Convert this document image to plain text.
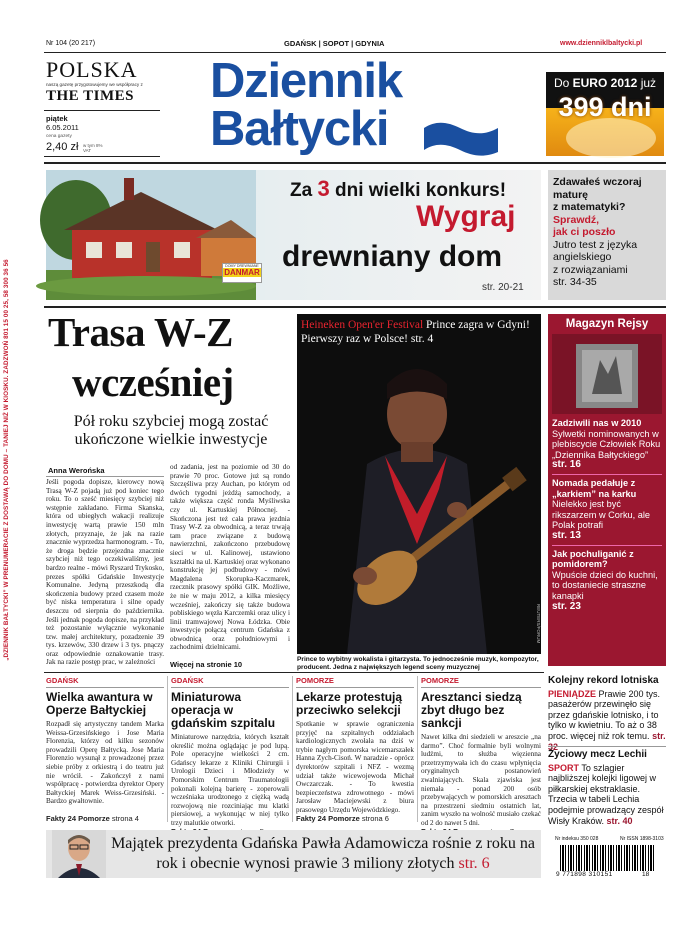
„DZIENNIK BAŁTYCKI” W PRENUMERACIE Z DOSTAWĄ DO DOMU – TANIEJ NIŻ W KIOSKU. ZADZWOŃ 801 15 00 25, 58 300 36 56
Nr 104 (20 217)	GDAŃSK | SOPOT | GDYNIA	www.dzienniklbaltycki.pl
POLSKA
naszą gazetę przygotowujemy we współpracy z
THE TIMES
piątek
6.05.2011
cena gazety
2,40 zł w tym 8% VAT
Dziennik
Bałtycki
Do EURO 2012 już
399 dni
DOMY DREWNIANE
DANMAR
Za 3 dni wielki konkurs!
Wygraj
drewniany dom
str. 20-21
Zdawałeś wczoraj
maturę
z matematyki?
Sprawdź,
jak ci poszło
Jutro test z języka
angielskiego
z rozwiązaniami
str. 34-35
Trasa W-Z
wcześniej
Pół roku szybciej mogą zostać ukończone wielkie inwestycje
Anna Werońska
Jeśli pogoda dopisze, kierowcy nową Trasą W-Z pojadą już pod koniec tego roku. To o sześć miesięcy szybciej niż wstępnie zakładano. Firma Skanska, która od ubiegłych wakacji realizuje inwestycję wartą prawie 150 mln złotych, przyznaje, że jak na razie znacznie wyprzedza harmonogram. - To, że droga będzie przejezdna znacznie szybciej niż tego oczekiwaliśmy, jest bardzo realne - mówi Ryszard Trykosko, prezes spółki Gdańskie Inwestycje Komunalne. Jedyną przeszkodą dla skończenia budowy przed czasem może być niska temperatura i silne opady deszczu od sierpnia do października. Jeśli jednak pogoda dopisze, na przykład też pozostanie wyłącznie wykonanie tzw. małej architektury, pozadzenie 39 tys. krzewów, 330 drzew i 3 tys. pnączy oraz odpowiednie oznakowanie trasy. Jak na razie postęp prac, w zależności
od zadania, jest na poziomie od 30 do prawie 70 proc. Gotowe już są rondo Szczęśliwa przy Auchan, po którym od dwóch tygodni jeżdżą samochody, a także większa część ronda Myśliwska czy ul. Kartuskiej Północnej. - Skończona jest też cała prawa jezdnia Trasy W-Z za obwodnicą, a teraz trwają tam prace związane z budową nawierzchni, zakończono przebudowę sieci w ul. Kalinowej, ustawiono kształtki na ul. Kartuskiej oraz wykonano konstrukcję jej podbudowy - mówi Magdalena Skorupka-Kaczmarek, rzecznik prasowy spółki GIK. Możliwe, że nie w maju 2012, a kilka miesięcy wcześniej, zakończy się także budowa pobliskiego węzła Karczemki oraz ulicy i linii tramwajowej Nowa Łódzka. Obie inwestycje połączą centrum Gdańska z obwodnicą oraz południowymi i zachodnimi dzielnicami.
Więcej na stronie 10
Heineken Open'er Festival Prince zagra w Gdyni! Pierwszy raz w Polsce! str. 4
REUTERS/FORUM
Prince to wybitny wokalista i gitarzysta. To jednocześnie muzyk, kompozytor, producent. Jedna z największych legend sceny muzycznej
Magazyn Rejsy
Zadziwili nas w 2010
Sylwetki nominowanych w plebiscycie Człowiek Roku „Dziennika Bałtyckiego”
str. 16
Nomada pedałuje z „karkiem” na karku
Nielekko jest być rikszarzem w Corku, ale Polak potrafi
str. 13
Jak pochuliganić z pomidorem?
Wpuście dzieci do kuchni, to dostaniecie straszne kanapki
str. 23
GDAŃSK
Wielka awantura w Operze Bałtyckiej
Rozpadł się artystyczny tandem Marka Weissa-Grzesińskiego i Jose Maria Florenzia, którzy od kilku sezonów prowadzili Operę Bałtycką. Jose Maria Florenzio wysunął z prowadzonej przez siebie próby z orkiestrą i do teatru już nie wrócił. - Zakończył z nami współpracę - potwierdza dyrektor Opery Bałtyckiej Marek Weiss-Grzesiński. - Bardzo gwałtownie.
Fakty 24 Pomorze strona 4
GDAŃSK
Miniaturowa operacja w gdańskim szpitalu
Miniaturowe narzędzia, których kształt określić można oglądając je pod lupą. Pole operacyjne wielkości 2 cm. Gdańscy lekarze z Kliniki Chirurgii i Urologii Dzieci i Młodzieży w Pomorskim Centrum Traumatologii pokonali kolejną barierę - zoperowali wcześniaka urodzonego z ciężką wadą rozwojową nie rozciniając mu klatki piersiowej, a wykonując w niej tylko trzy malutkie otworki.
POMORZE
Lekarze protestują przeciwko selekcji
Spotkanie w sprawie ograniczenia przyjęć na szpitalnych oddziałach kardiologicznych zwołała na dziś w trybie nagłym pomorska wicemarszałek Hanna Zych-Cisoń. W naradzie - oprócz dyrektorów szpitali i NFZ - wezmą udział także wicewojewoda Michał Owczarczak. - To kwestia bezpieczeństwa zdrowotnego - mówi Jarosław Maciejewski z biura prasowego Urzędu Wojewódzkiego.
Fakty 24 Pomorze strona 6
POMORZE
Aresztanci siedzą zbyt długo bez sankcji
Nawet kilka dni siedzieli w areszcie „na darmo”. Choć formalnie byli wolnymi ludźmi, to służba więzienna przetrzymywała ich do czasu wpłynięcia oryginalnych postanowień zwalniających. Skala zjawiska jest niemała - ponad 200 osób przebywających w pomorskich aresztach na przestrzeni siedmiu ostatnich lat, zanim wyszło na wolność musiało czekać od 2 do nawet 5 dni.
Kolejny rekord lotniska
PIENIĄDZE Prawie 200 tys. pasażerów przewinęło się przez gdańskie lotnisko, i to tylko w kwietniu. To aż o 38 proc. więcej niż rok temu. str.
Życiowy mecz Lechii
SPORT To szlagier najbliższej kolejki ligowej w piłkarskiej ekstraklasie. Trzecia w tabeli Lechia podejmie prowadzący zespół Wisły Kraków. str. 40
Majątek prezydenta Gdańska Pawła Adamowicza rośnie z roku na rok i obecnie wynosi prawie 3 miliony złotych str. 6
Nr indeksu 350 028	Nr ISSN 1898-3103
9 771898 310151	18
